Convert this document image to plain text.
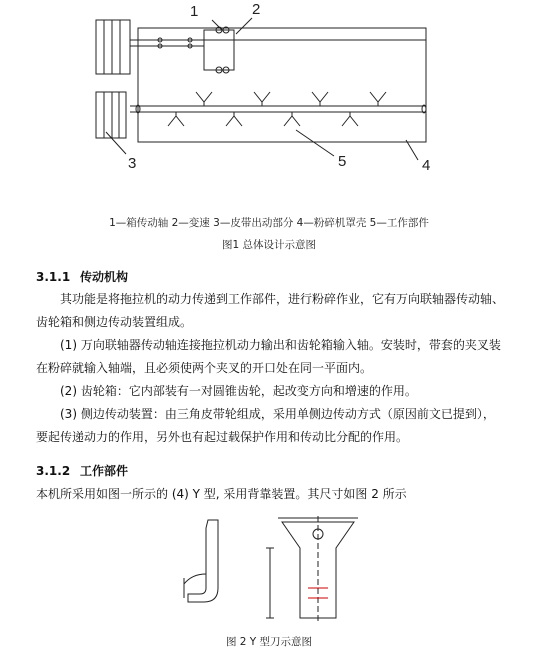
1	2
3	4
5
1—箱传动轴 2—变速 3—皮带出动部分 4—粉碎机罩壳 5—工作部件
图1 总体设计示意图
3.1.1 传动机构
其功能是将拖拉机的动力传递到工作部件，进行粉碎作业，它有万向联轴器传动轴、齿轮箱和侧边传动装置组成。
(1) 万向联轴器传动轴连接拖拉机动力输出和齿轮箱输入轴。安装时，带套的夹叉装在粉碎就输入轴端，且必须使两个夹叉的开口处在同一平面内。
(2) 齿轮箱：它内部装有一对圆锥齿轮，起改变方向和增速的作用。
(3) 侧边传动装置：由三角皮带轮组成，采用单侧边传动方式（原因前文已提到），要起传递动力的作用，另外也有起过载保护作用和传动比分配的作用。
3.1.2 工作部件
本机所采用如图一所示的 (4) Y 型, 采用背靠装置。其尺寸如图 2 所示
图 2 Y 型刀示意图
